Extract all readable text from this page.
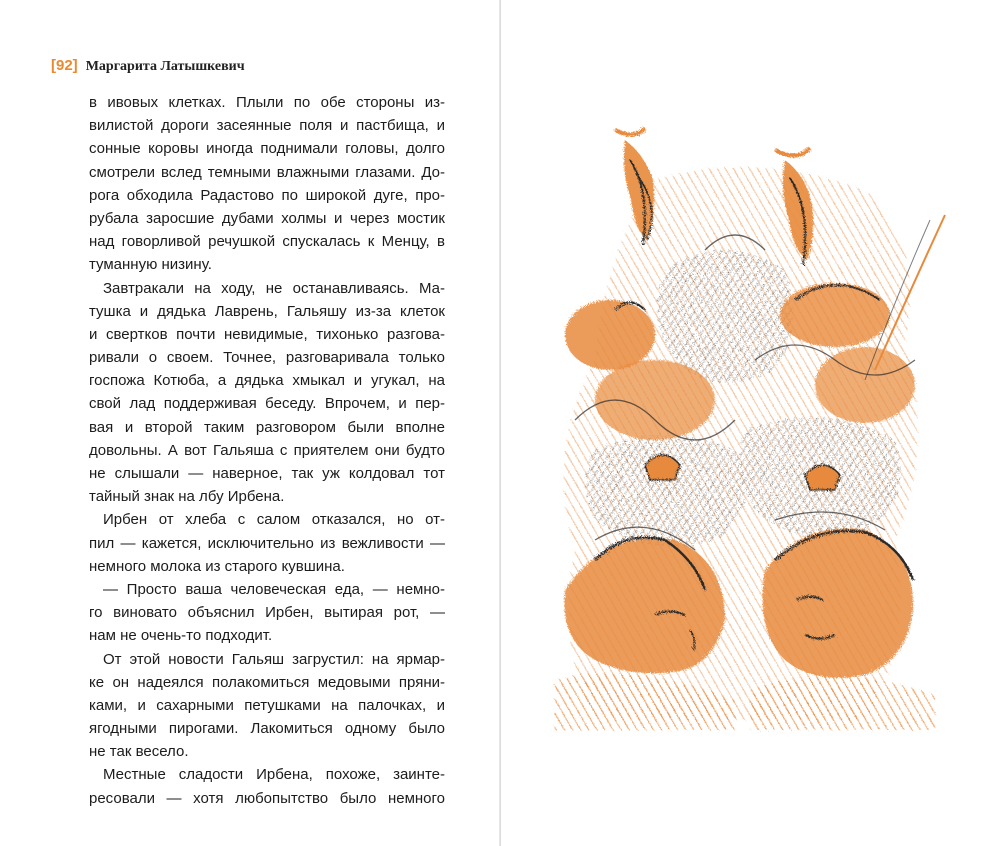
[92] Маргарита Латышкевич
в ивовых клетках. Плыли по обе стороны из-
вилистой дороги засеянные поля и пастбища, и
сонные коровы иногда поднимали головы, долго
смотрели вслед темными влажными глазами. До-
рога обходила Радастово по широкой дуге, про-
рубала заросшие дубами холмы и через мостик
над говорливой речушкой спускалась к Менцу, в
туманную низину.
Завтракали на ходу, не останавливаясь. Ма-
тушка и дядька Лаврень, Гальяшу из-за клеток
и свертков почти невидимые, тихонько разгова-
ривали о своем. Точнее, разговаривала только
госпожа Котюба, а дядька хмыкал и угукал, на
свой лад поддерживая беседу. Впрочем, и пер-
вая и второй таким разговором были вполне
довольны. А вот Гальяша с приятелем они будто
не слышали — наверное, так уж колдовал тот
тайный знак на лбу Ирбена.
Ирбен от хлеба с салом отказался, но от-
пил — кажется, исключительно из вежливости —
немного молока из старого кувшина.
— Просто ваша человеческая еда, — немно-
го виновато объяснил Ирбен, вытирая рот, —
нам не очень-то подходит.
От этой новости Гальяш загрустил: на ярмар-
ке он надеялся полакомиться медовыми пряни-
ками, и сахарными петушками на палочках, и
ягодными пирогами. Лакомиться одному было
не так весело.
Местные сладости Ирбена, похоже, заинте-
ресовали — хотя любопытство было немного
